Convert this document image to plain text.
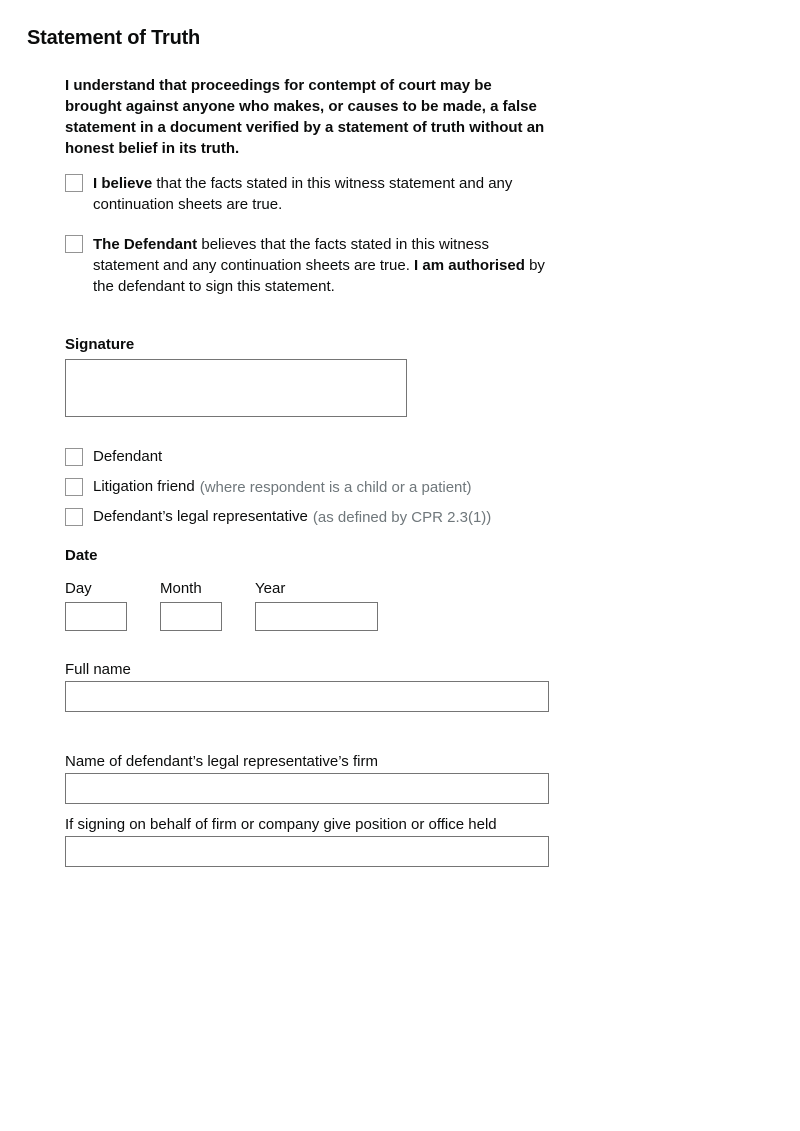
Statement of Truth

I understand that proceedings for contempt of court may be brought against anyone who makes, or causes to be made, a false statement in a document verified by a statement of truth without an honest belief in its truth.

I believe that the facts stated in this witness statement and any continuation sheets are true.
The Defendant believes that the facts stated in this witness statement and any continuation sheets are true. I am authorised by the defendant to sign this statement.
Signature
Defendant
Litigation friend (where respondent is a child or a patient)
Defendant’s legal representative (as defined by CPR 2.3(1))
Date
Day	Month	Year
Full name
Name of defendant’s legal representative’s firm
If signing on behalf of firm or company give position or office held
